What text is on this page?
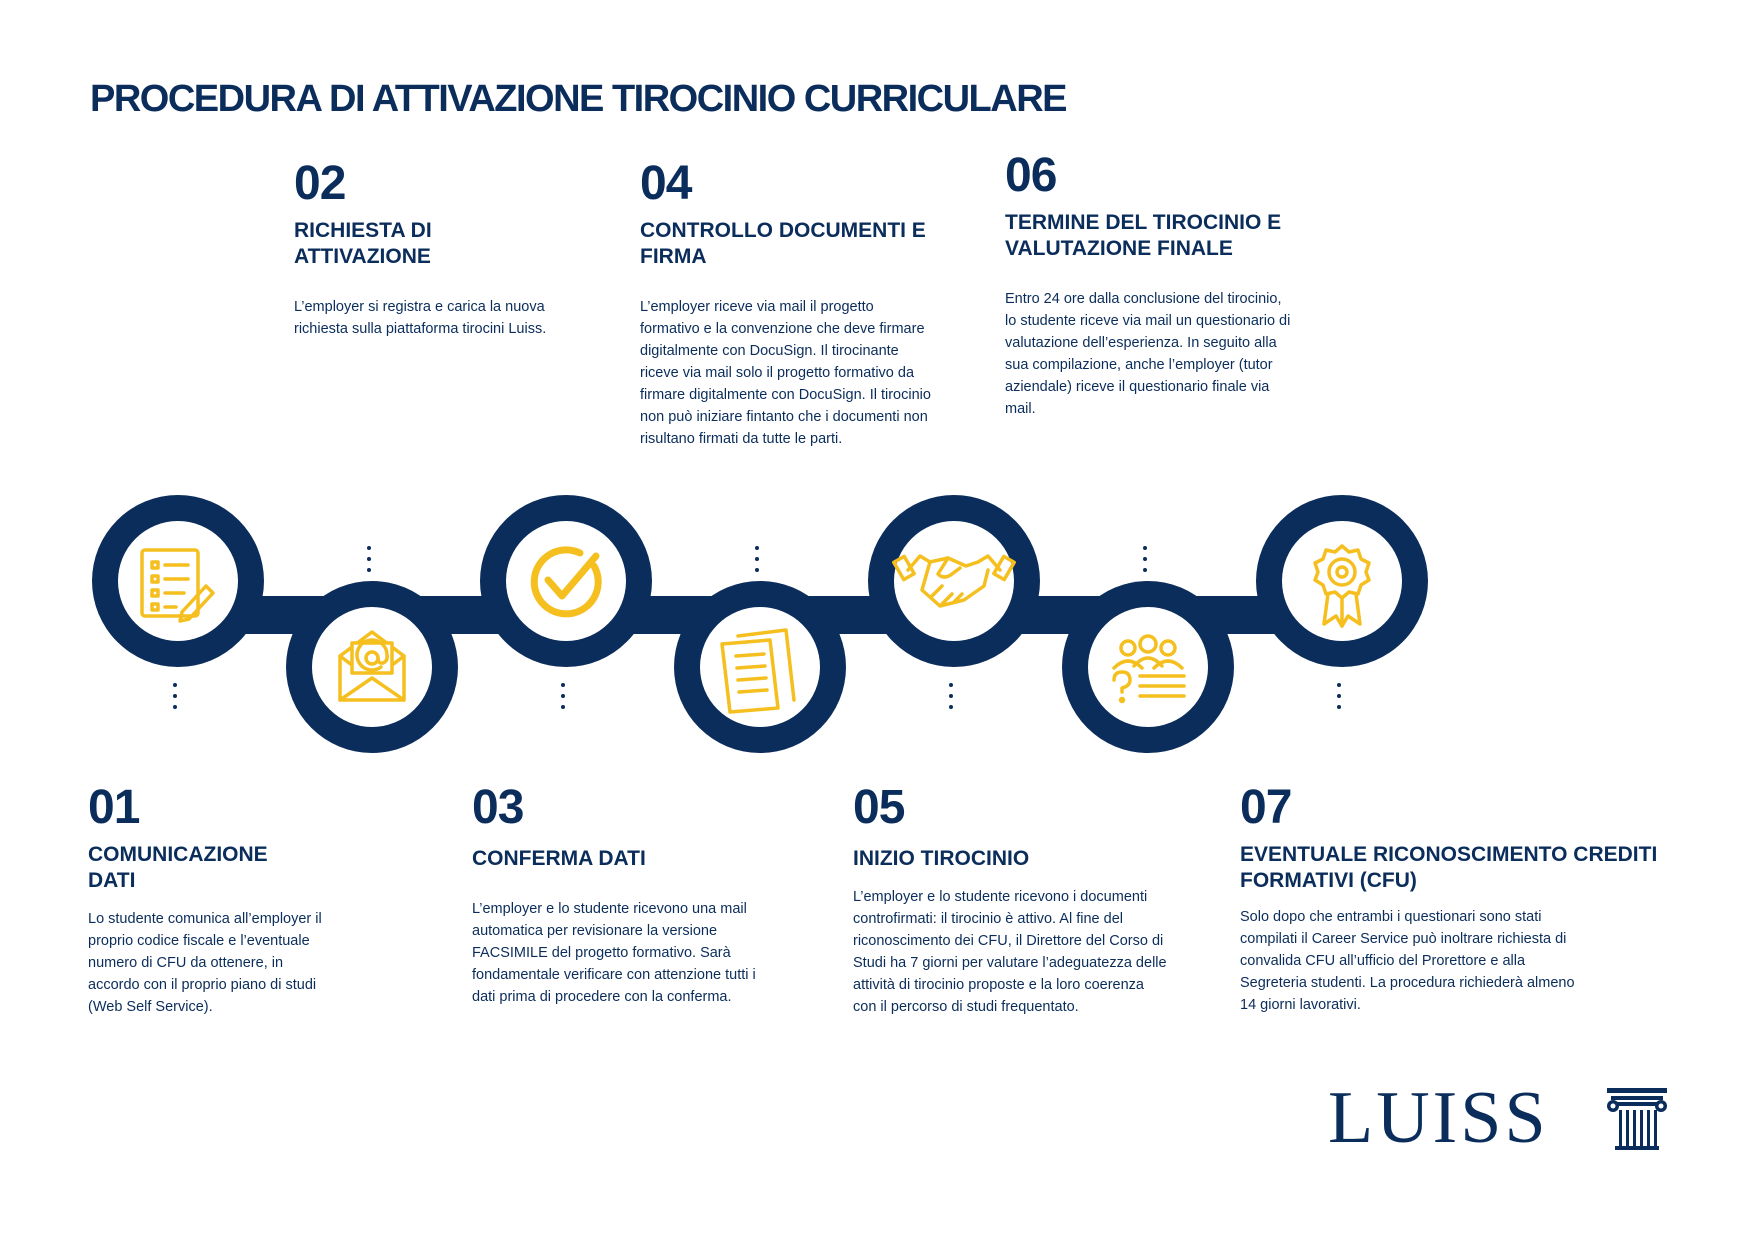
PROCEDURA DI ATTIVAZIONE TIROCINIO CURRICULARE
02
RICHIESTA DI ATTIVAZIONE
L’employer si registra e carica la nuova richiesta sulla piattaforma tirocini Luiss.
04
CONTROLLO DOCUMENTI E FIRMA
L’employer riceve via mail il progetto formativo e la convenzione che deve firmare digitalmente con DocuSign. Il tirocinante riceve via mail solo il progetto formativo da firmare digitalmente con DocuSign. Il tirocinio non può iniziare fintanto che i documenti non risultano firmati da tutte le parti.
06
TERMINE DEL TIROCINIO E VALUTAZIONE FINALE
Entro 24 ore dalla conclusione del tirocinio, lo studente riceve via mail un questionario di valutazione dell’esperienza. In seguito alla sua compilazione, anche l’employer (tutor aziendale) riceve il questionario finale via mail.
01
COMUNICAZIONE DATI
Lo studente comunica all’employer il proprio codice fiscale e l’eventuale numero di CFU da ottenere, in accordo con il proprio piano di studi (Web Self Service).
03
CONFERMA DATI
L’employer e lo studente ricevono una mail automatica per revisionare la versione FACSIMILE del progetto formativo. Sarà fondamentale verificare con attenzione tutti i dati prima di procedere con la conferma.
05
INIZIO TIROCINIO
L’employer e lo studente ricevono i documenti controfirmati: il tirocinio è attivo. Al fine del riconoscimento dei CFU, il Direttore del Corso di Studi ha 7 giorni per valutare l’adeguatezza delle attività di tirocinio proposte e la loro coerenza con il percorso di studi frequentato.
07
EVENTUALE RICONOSCIMENTO CREDITI FORMATIVI (CFU)
Solo dopo che entrambi i questionari sono stati compilati il Career Service può inoltrare richiesta di convalida CFU all’ufficio del Prorettore e alla Segreteria studenti. La procedura richiederà almeno 14 giorni lavorativi.
LUISS
